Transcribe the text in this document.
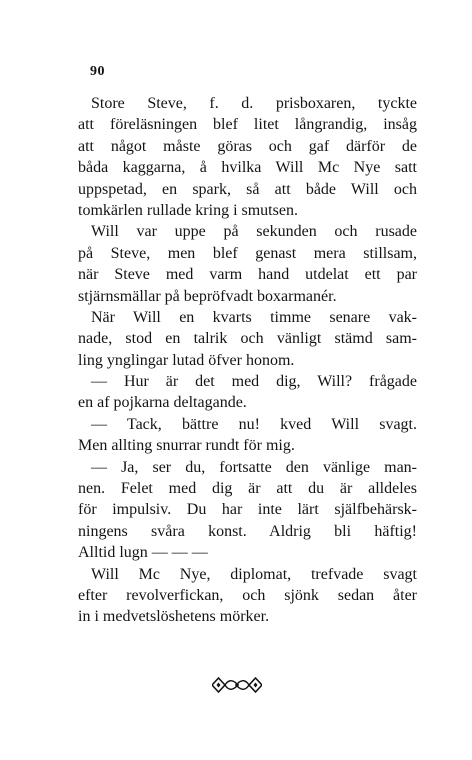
90
Store Steve, f. d. prisboxaren, tyckte
att föreläsningen blef litet långrandig, insåg
att något måste göras och gaf därför de
båda kaggarna, å hvilka Will Mc Nye satt
uppspetad, en spark, så att både Will och
tomkärlen rullade kring i smutsen.
Will var uppe på sekunden och rusade
på Steve, men blef genast mera stillsam,
när Steve med varm hand utdelat ett par
stjärnsmällar på bepröfvadt boxarmanér.
När Will en kvarts timme senare vak-
nade, stod en talrik och vänligt stämd sam-
ling ynglingar lutad öfver honom.
— Hur är det med dig, Will? frågade
en af pojkarna deltagande.
— Tack, bättre nu! kved Will svagt.
Men allting snurrar rundt för mig.
— Ja, ser du, fortsatte den vänlige man-
nen. Felet med dig är att du är alldeles
för impulsiv. Du har inte lärt själfbehärsk-
ningens svåra konst. Aldrig bli häftig!
Alltid lugn — — —
Will Mc Nye, diplomat, trefvade svagt
efter revolverfickan, och sjönk sedan åter
in i medvetslöshetens mörker.
